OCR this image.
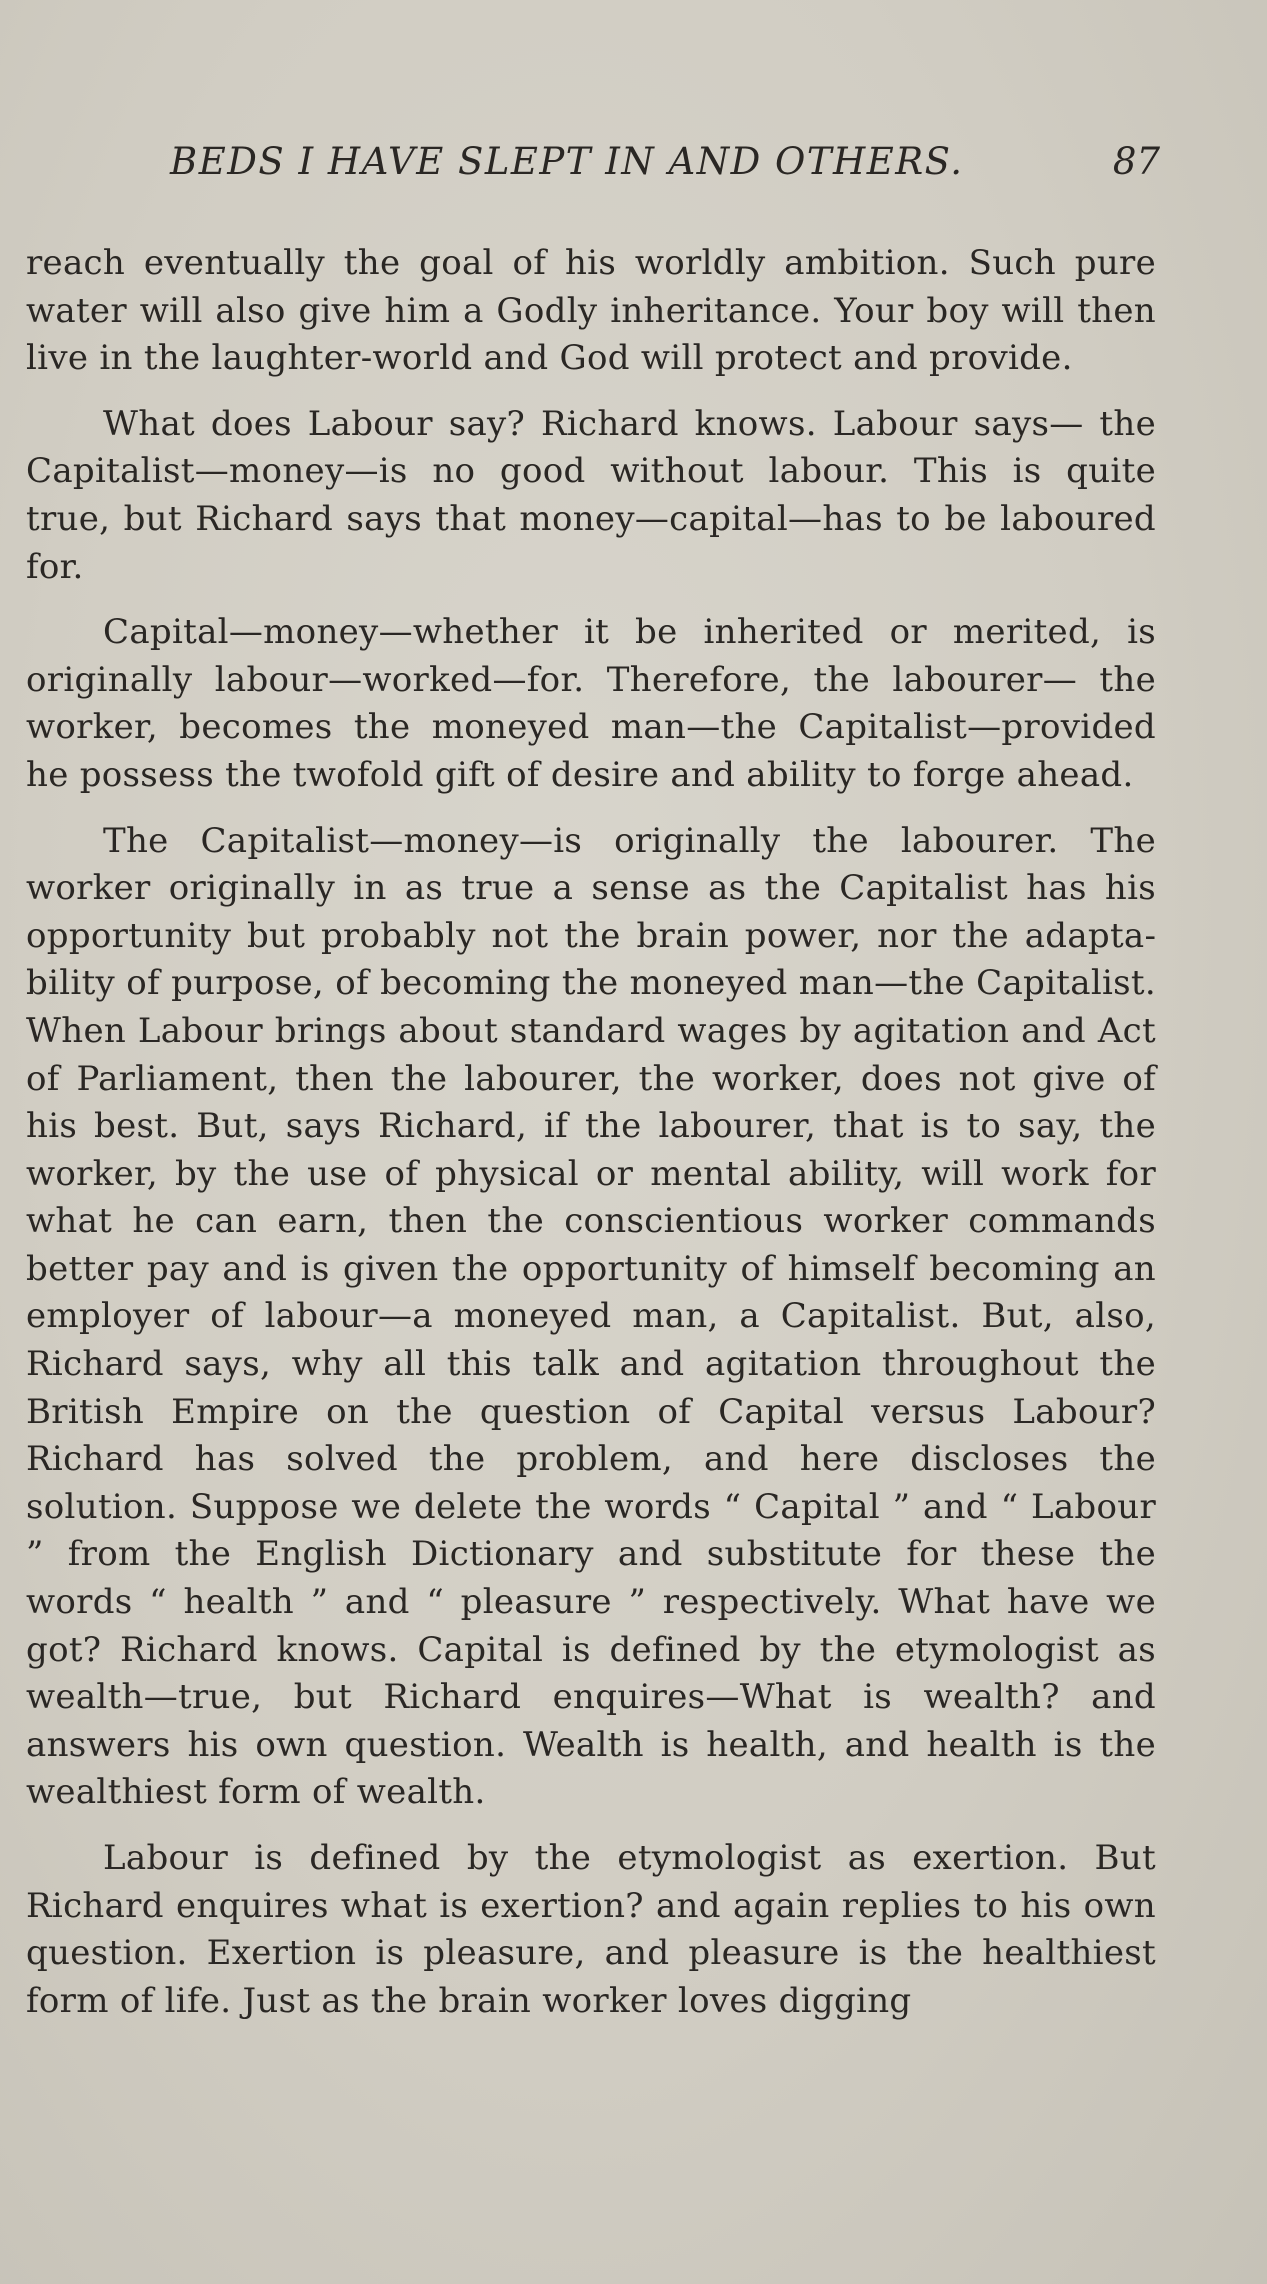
BEDS I HAVE SLEPT IN AND OTHERS.	87

reach eventually the goal of his worldly ambition. Such pure water will also give him a Godly inheritance. Your boy will then live in the laughter-world and God will protect and provide.

What does Labour say? Richard knows. Labour says— the Capitalist—money—is no good without labour. This is quite true, but Richard says that money—capital—has to be laboured for.

Capital—money—whether it be inherited or merited, is originally labour—worked—for. Therefore, the labourer— the worker, becomes the moneyed man—the Capitalist—provided he possess the twofold gift of desire and ability to forge ahead.

The Capitalist—money—is originally the labourer. The worker originally in as true a sense as the Capitalist has his opportunity but probably not the brain power, nor the adaptability of purpose, of becoming the moneyed man—the Capitalist. When Labour brings about standard wages by agitation and Act of Parliament, then the labourer, the worker, does not give of his best. But, says Richard, if the labourer, that is to say, the worker, by the use of physical or mental ability, will work for what he can earn, then the conscientious worker commands better pay and is given the opportunity of himself becoming an employer of labour—a moneyed man, a Capitalist. But, also, Richard says, why all this talk and agitation throughout the British Empire on the question of Capital versus Labour? Richard has solved the problem, and here discloses the solution. Suppose we delete the words “ Capital ” and “ Labour ” from the English Dictionary and substitute for these the words “ health ” and “ pleasure ” respectively. What have we got? Richard knows. Capital is defined by the etymologist as wealth—true, but Richard enquires—What is wealth? and answers his own question. Wealth is health, and health is the wealthiest form of wealth.

Labour is defined by the etymologist as exertion. But Richard enquires what is exertion? and again replies to his own question. Exertion is pleasure, and pleasure is the healthiest form of life. Just as the brain worker loves digging
